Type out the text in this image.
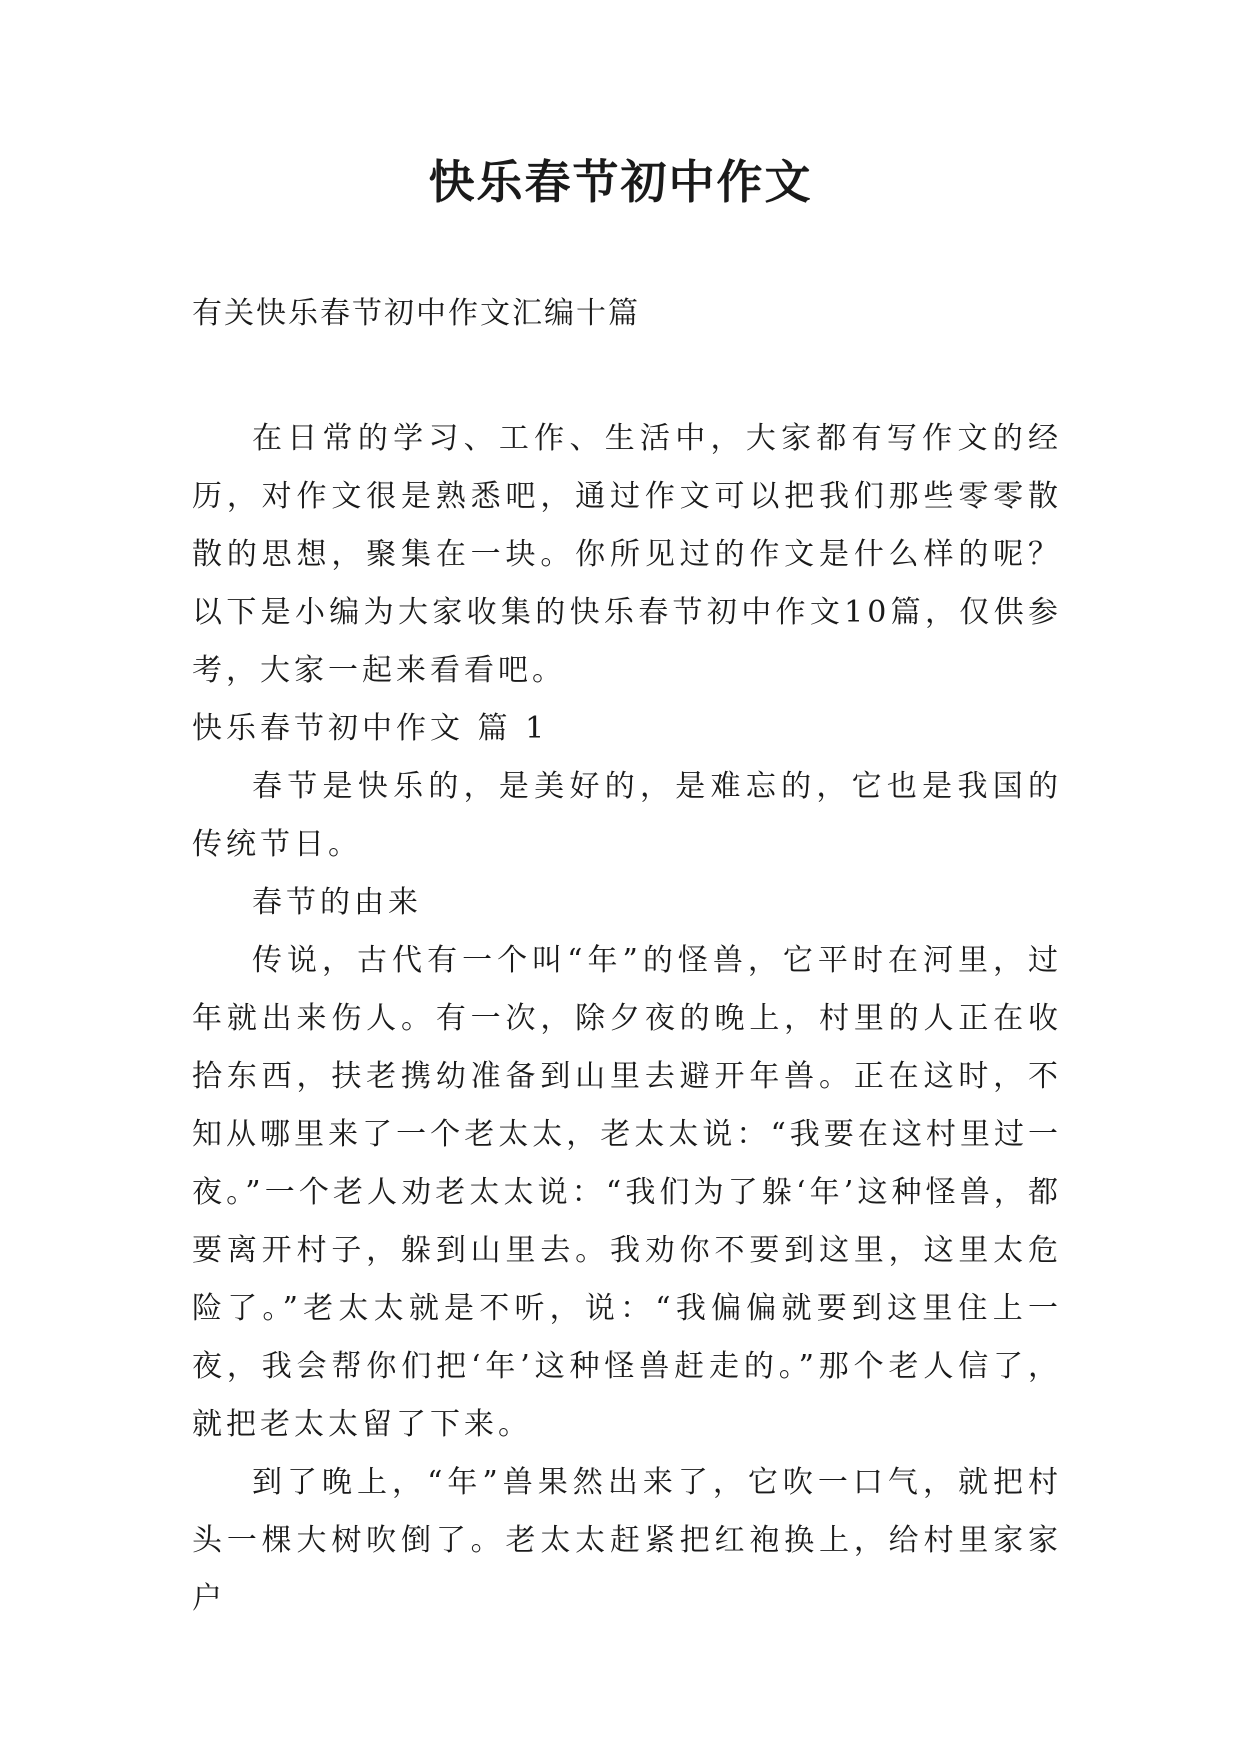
快乐春节初中作文
有关快乐春节初中作文汇编十篇

在日常的学习、工作、生活中，大家都有写作文的经历，对作文很是熟悉吧，通过作文可以把我们那些零零散散的思想，聚集在一块。你所见过的作文是什么样的呢？以下是小编为大家收集的快乐春节初中作文10篇，仅供参考，大家一起来看看吧。

快乐春节初中作文 篇 1

春节是快乐的，是美好的，是难忘的，它也是我国的传统节日。

春节的由来

传说，古代有一个叫“年”的怪兽，它平时在河里，过年就出来伤人。有一次，除夕夜的晚上，村里的人正在收拾东西，扶老携幼准备到山里去避开年兽。正在这时，不知从哪里来了一个老太太，老太太说：“我要在这村里过一夜。”一个老人劝老太太说：“我们为了躲‘年’这种怪兽，都要离开村子，躲到山里去。我劝你不要到这里，这里太危险了。”老太太就是不听，说：“我偏偏就要到这里住上一夜，我会帮你们把‘年’这种怪兽赶走的。”那个老人信了，就把老太太留了下来。

到了晚上，“年”兽果然出来了，它吹一口气，就把村头一棵大树吹倒了。老太太赶紧把红袍换上，给村里家家户
